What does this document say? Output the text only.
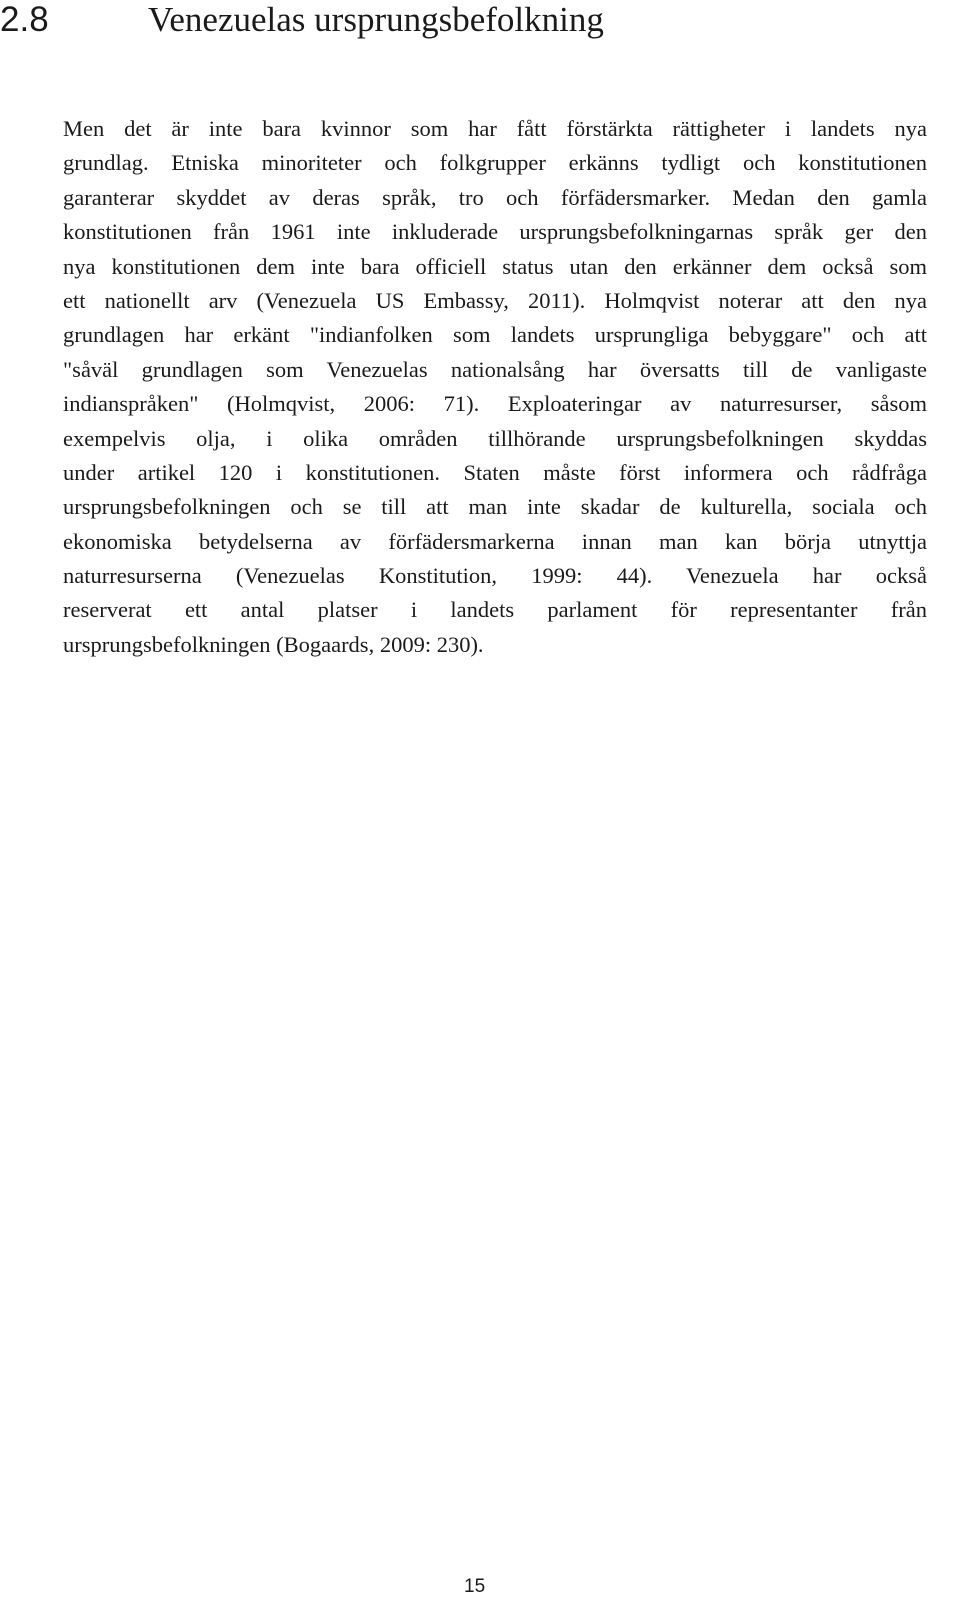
2.8	Venezuelas ursprungsbefolkning

Men det är inte bara kvinnor som har fått förstärkta rättigheter i landets nya
grundlag. Etniska minoriteter och folkgrupper erkänns tydligt och konstitutionen
garanterar skyddet av deras språk, tro och förfädersmarker. Medan den gamla
konstitutionen från 1961 inte inkluderade ursprungsbefolkningarnas språk ger den
nya konstitutionen dem inte bara officiell status utan den erkänner dem också som
ett nationellt arv (Venezuela US Embassy, 2011). Holmqvist noterar att den nya
grundlagen har erkänt "indianfolken som landets ursprungliga bebyggare" och att
"såväl grundlagen som Venezuelas nationalsång har översatts till de vanligaste
indianspråken" (Holmqvist, 2006: 71). Exploateringar av naturresurser, såsom
exempelvis olja, i olika områden tillhörande ursprungsbefolkningen skyddas
under artikel 120 i konstitutionen. Staten måste först informera och rådfråga
ursprungsbefolkningen och se till att man inte skadar de kulturella, sociala och
ekonomiska betydelserna av förfädersmarkerna innan man kan börja utnyttja
naturresurserna (Venezuelas Konstitution, 1999: 44). Venezuela har också
reserverat ett antal platser i landets parlament för representanter från
ursprungsbefolkningen (Bogaards, 2009: 230).

15
